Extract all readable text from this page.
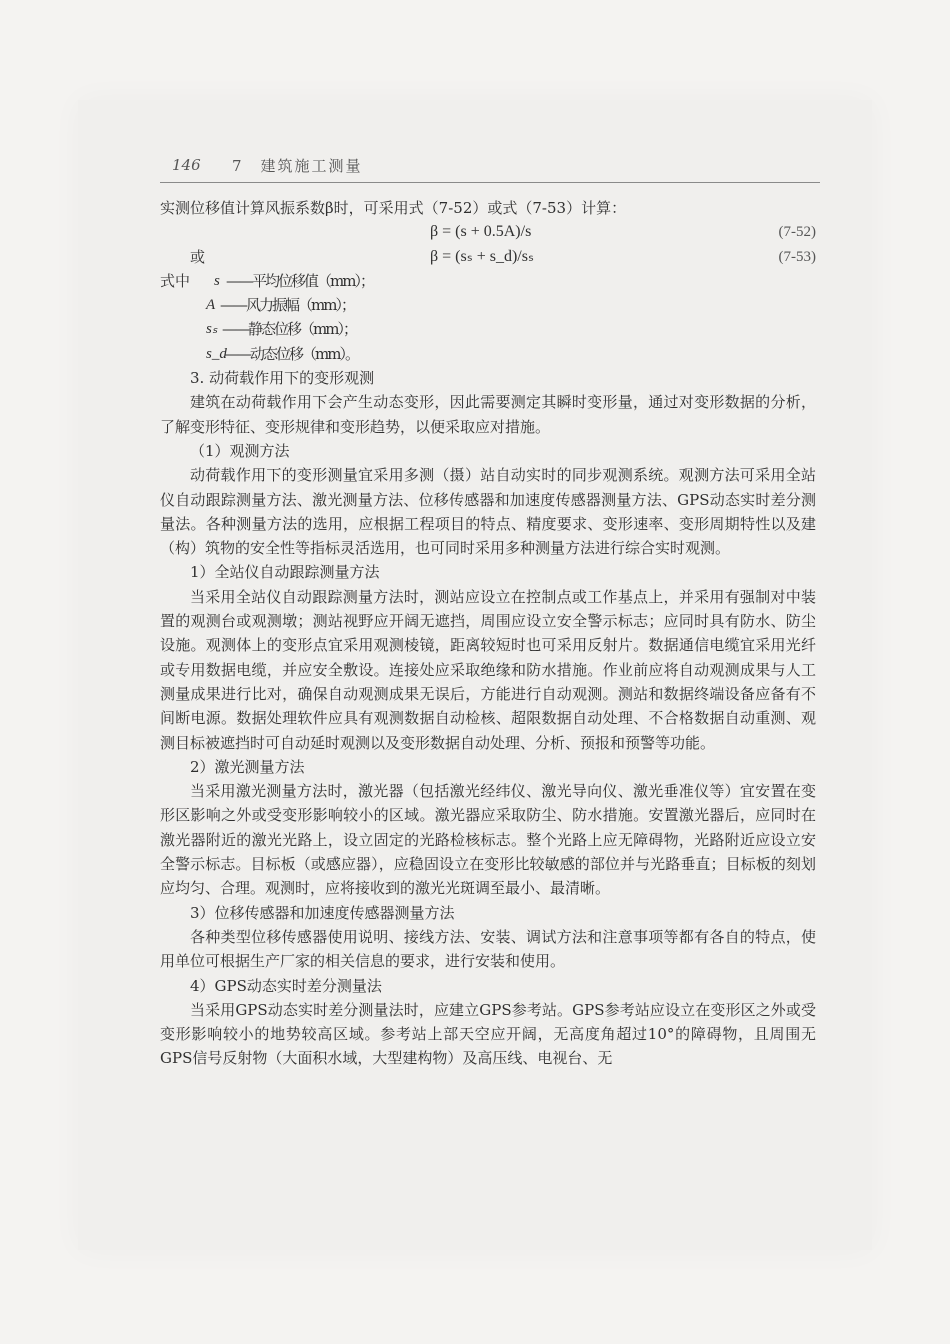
146 7　建筑施工测量

实测位移值计算风振系数β时，可采用式（7-52）或式（7-53）计算：

β = (s + 0.5A)/s	(7-52)
或	β = (sₛ + s_d)/sₛ	(7-53)
式中 s ——平均位移值（mm）；
A ——风力振幅（mm）；
sₛ ——静态位移（mm）；
s_d
——动态位移（mm）。

3. 动荷载作用下的变形观测

建筑在动荷载作用下会产生动态变形，因此需要测定其瞬时变形量，通过对变形数据的分析，了解变形特征、变形规律和变形趋势，以便采取应对措施。

（1）观测方法

动荷载作用下的变形测量宜采用多测（摄）站自动实时的同步观测系统。观测方法可采用全站仪自动跟踪测量方法、激光测量方法、位移传感器和加速度传感器测量方法、GPS动态实时差分测量法。各种测量方法的选用，应根据工程项目的特点、精度要求、变形速率、变形周期特性以及建（构）筑物的安全性等指标灵活选用，也可同时采用多种测量方法进行综合实时观测。

1）全站仪自动跟踪测量方法

当采用全站仪自动跟踪测量方法时，测站应设立在控制点或工作基点上，并采用有强制对中装置的观测台或观测墩；测站视野应开阔无遮挡，周围应设立安全警示标志；应同时具有防水、防尘设施。观测体上的变形点宜采用观测棱镜，距离较短时也可采用反射片。数据通信电缆宜采用光纤或专用数据电缆，并应安全敷设。连接处应采取绝缘和防水措施。作业前应将自动观测成果与人工测量成果进行比对，确保自动观测成果无误后，方能进行自动观测。测站和数据终端设备应备有不间断电源。数据处理软件应具有观测数据自动检核、超限数据自动处理、不合格数据自动重测、观测目标被遮挡时可自动延时观测以及变形数据自动处理、分析、预报和预警等功能。

2）激光测量方法

当采用激光测量方法时，激光器（包括激光经纬仪、激光导向仪、激光垂准仪等）宜安置在变形区影响之外或受变形影响较小的区域。激光器应采取防尘、防水措施。安置激光器后，应同时在激光器附近的激光光路上，设立固定的光路检核标志。整个光路上应无障碍物，光路附近应设立安全警示标志。目标板（或感应器），应稳固设立在变形比较敏感的部位并与光路垂直；目标板的刻划应均匀、合理。观测时，应将接收到的激光光斑调至最小、最清晰。

3）位移传感器和加速度传感器测量方法

各种类型位移传感器使用说明、接线方法、安装、调试方法和注意事项等都有各自的特点，使用单位可根据生产厂家的相关信息的要求，进行安装和使用。

4）GPS动态实时差分测量法

当采用GPS动态实时差分测量法时，应建立GPS参考站。GPS参考站应设立在变形区之外或受变形影响较小的地势较高区域。参考站上部天空应开阔，无高度角超过10°的障碍物，且周围无GPS信号反射物（大面积水域，大型建构物）及高压线、电视台、无
